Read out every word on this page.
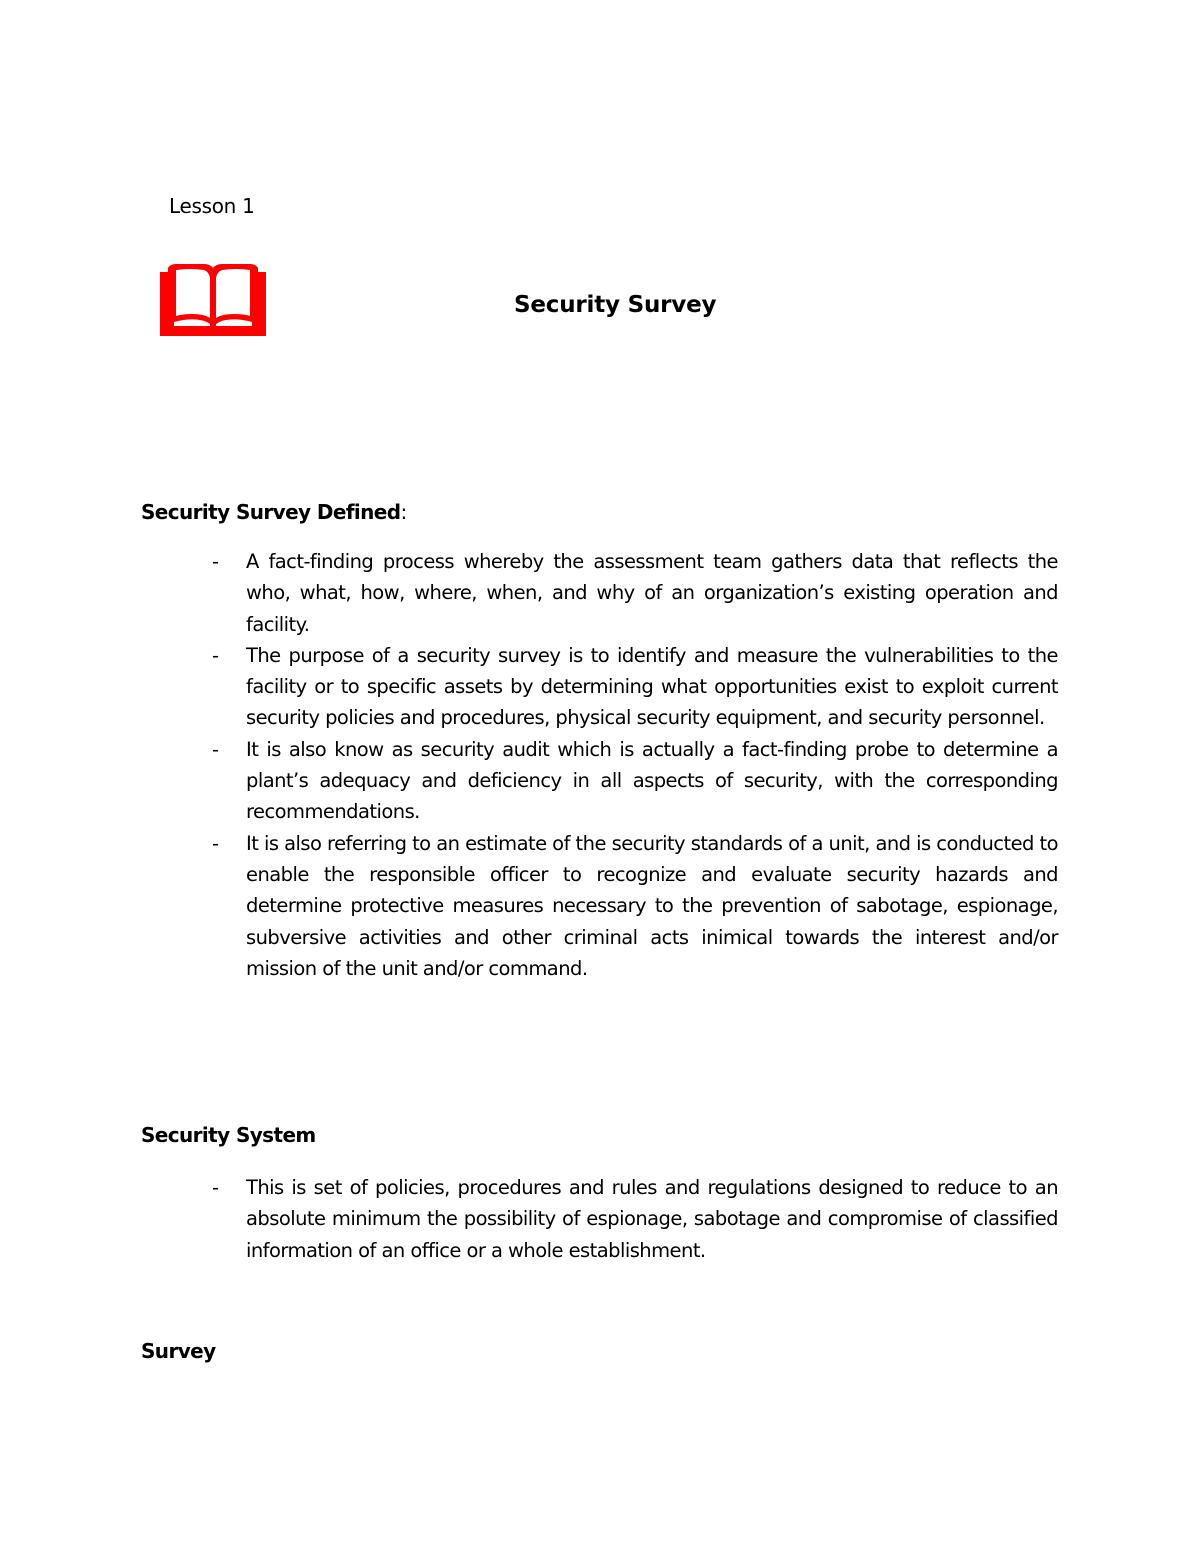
Lesson 1
Security Survey
Security Survey Defined:
- A fact-finding process whereby the assessment team gathers data that reflects the who, what, how, where, when, and why of an organization’s existing operation and facility.
- The purpose of a security survey is to identify and measure the vulnerabilities to the facility or to specific assets by determining what opportunities exist to exploit current security policies and procedures, physical security equipment, and security personnel.
- It is also know as security audit which is actually a fact-finding probe to determine a plant’s adequacy and deficiency in all aspects of security, with the corresponding recommendations.
- It is also referring to an estimate of the security standards of a unit, and is conducted to enable the responsible officer to recognize and evaluate security hazards and determine protective measures necessary to the prevention of sabotage, espionage, subversive activities and other criminal acts inimical towards the interest and/or mission of the unit and/or command.
Security System
- This is set of policies, procedures and rules and regulations designed to reduce to an absolute minimum the possibility of espionage, sabotage and compromise of classified information of an office or a whole establishment.
Survey
